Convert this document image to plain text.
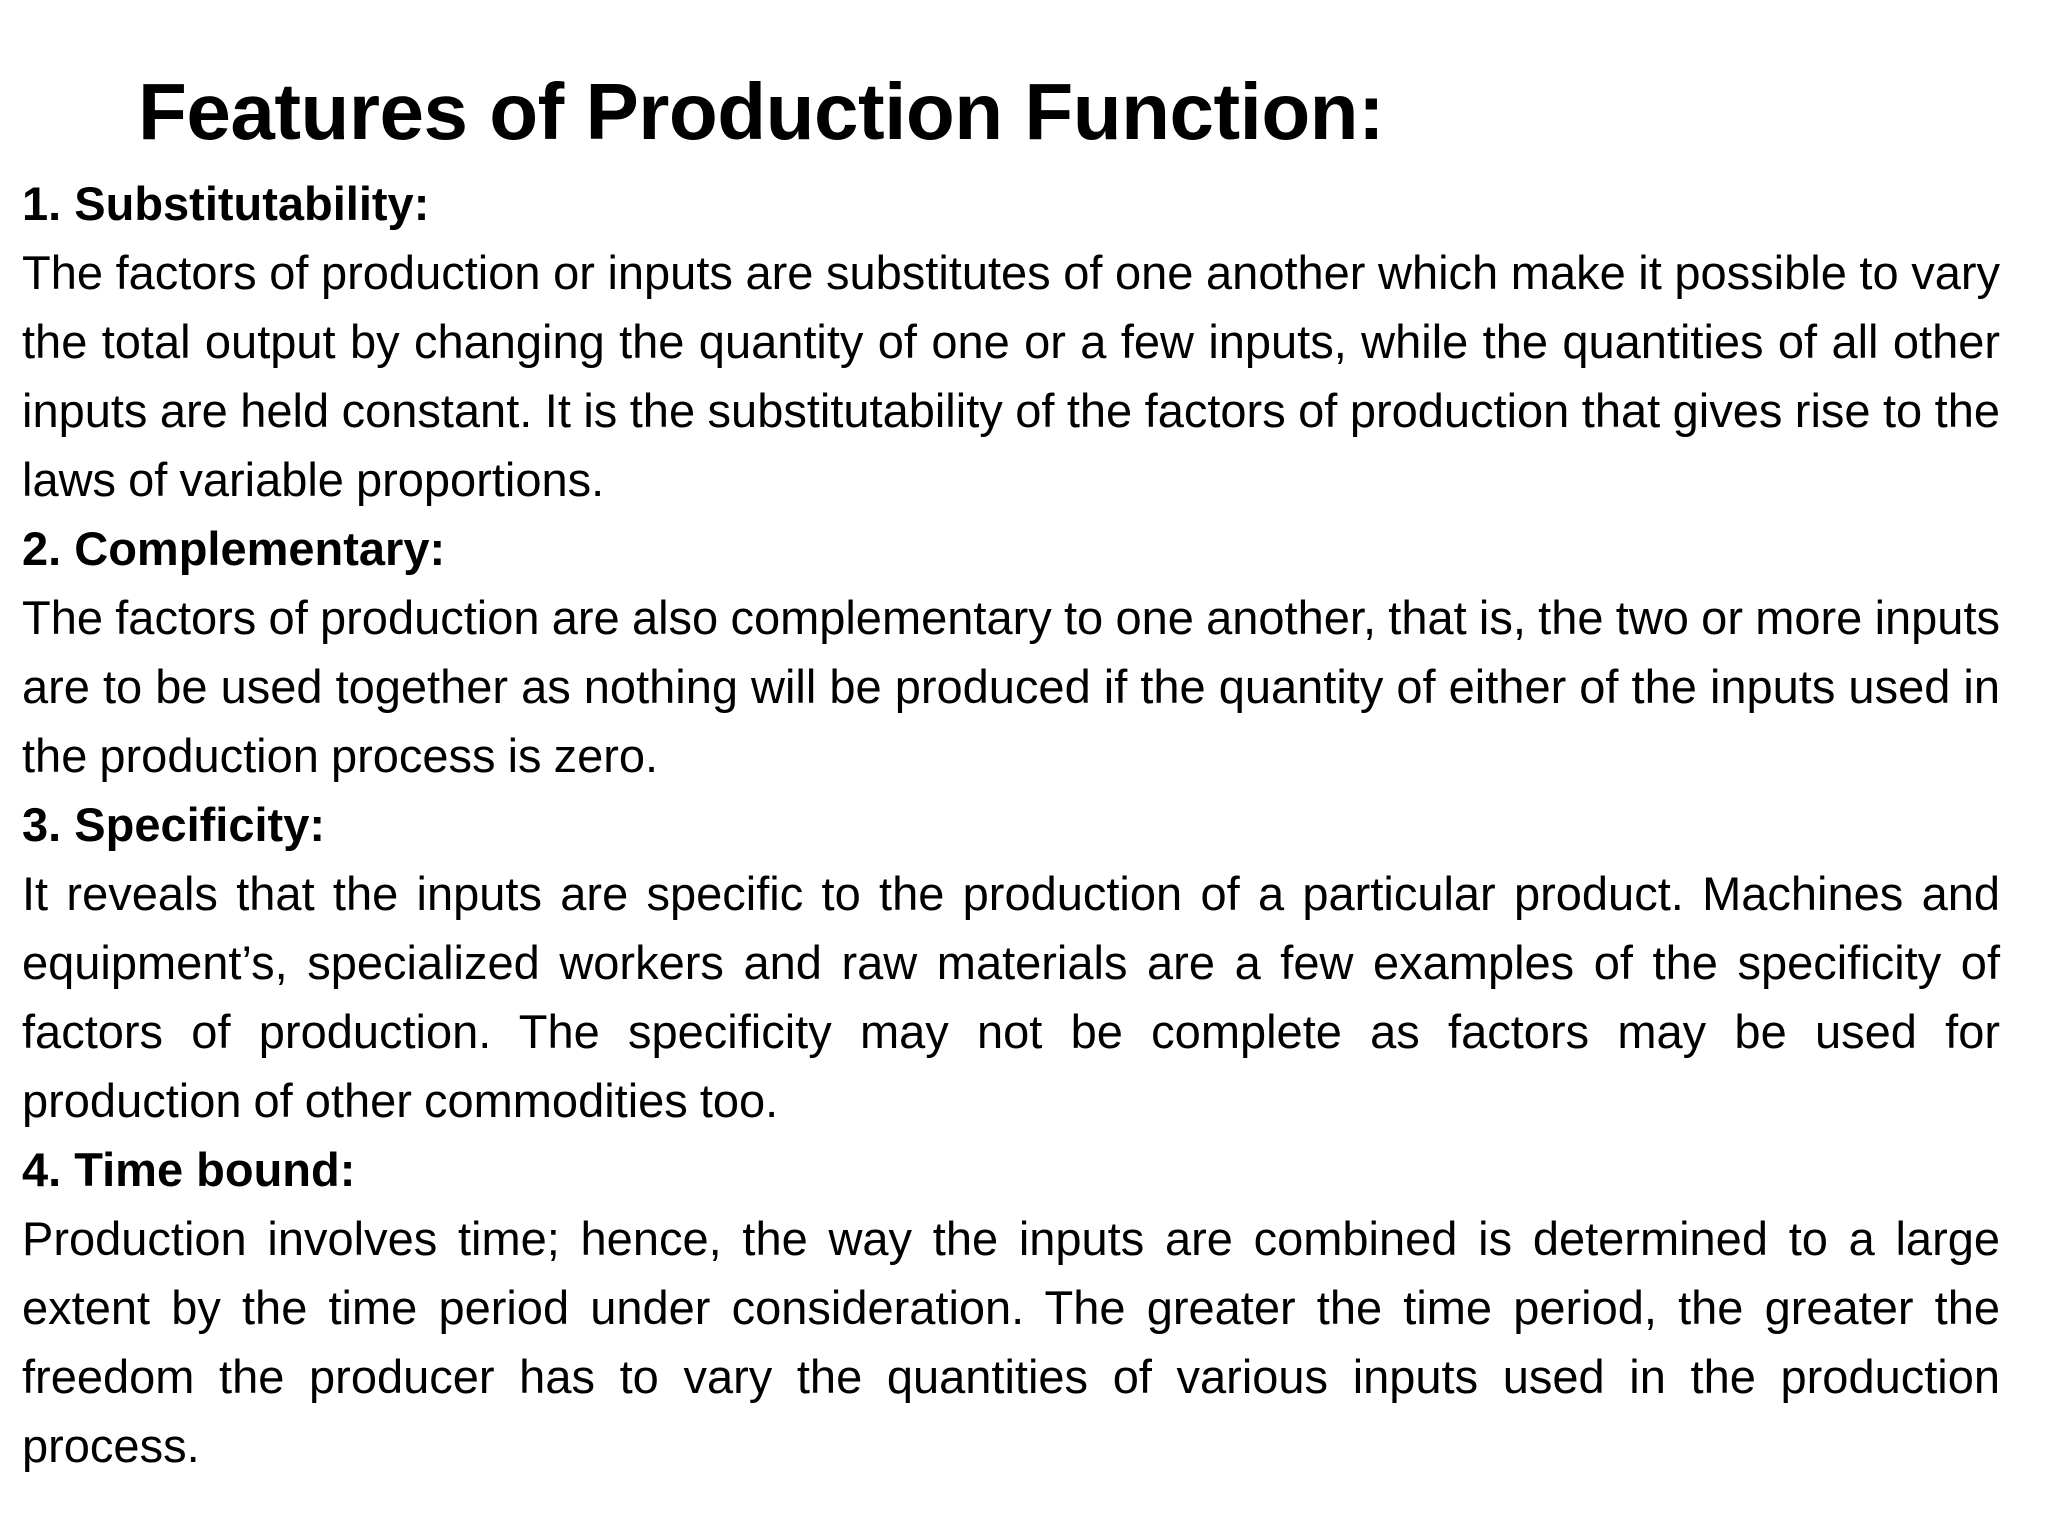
Features of Production Function:

1. Substitutability:

The factors of production or inputs are substitutes of one another which make it possible to vary the total output by changing the quantity of one or a few inputs, while the quantities of all other inputs are held constant. It is the substitutability of the factors of production that gives rise to the laws of variable proportions.

2. Complementary:

The factors of production are also complementary to one another, that is, the two or more inputs are to be used together as nothing will be produced if the quantity of either of the inputs used in the production process is zero.

3. Specificity:

It reveals that the inputs are specific to the production of a particular product. Machines and equipment’s, specialized workers and raw materials are a few examples of the specificity of factors of production. The specificity may not be complete as factors may be used for production of other commodities too.

4. Time bound:

Production involves time; hence, the way the inputs are combined is determined to a large extent by the time period under consideration. The greater the time period, the greater the freedom the producer has to vary the quantities of various inputs used in the production process.
